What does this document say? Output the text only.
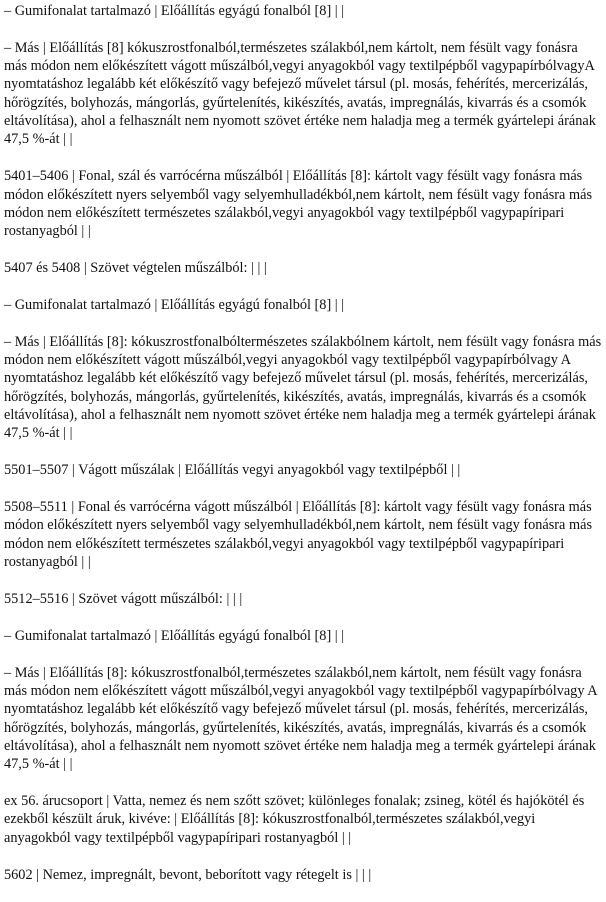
– Gumifonalat tartalmazó | Előállítás egyágú fonalból [8] | |

– Más | Előállítás [8] kókuszrostfonalból,természetes szálakból,nem kártolt, nem fésült vagy fonásra más módon nem előkészített vágott műszálból,vegyi anyagokból vagy textilpépből vagypapírbólvagyA nyomtatáshoz legalább két előkészítő vagy befejező művelet társul (pl. mosás, fehérítés, mercerizálás, hőrögzítés, bolyhozás, mángorlás, gyűrtelenítés, kikészítés, avatás, impregnálás, kivarrás és a csomók eltávolítása), ahol a felhasznált nem nyomott szövet értéke nem haladja meg a termék gyártelepi árának 47,5 %-át | |

5401–5406 | Fonal, szál és varrócérna műszálból | Előállítás [8]: kártolt vagy fésült vagy fonásra más módon előkészített nyers selyemből vagy selyemhulladékból,nem kártolt, nem fésült vagy fonásra más módon nem előkészített természetes szálakból,vegyi anyagokból vagy textilpépből vagypapíripari rostanyagból | |

5407 és 5408 | Szövet végtelen műszálból: | | |

– Gumifonalat tartalmazó | Előállítás egyágú fonalból [8] | |

– Más | Előállítás [8]: kókuszrostfonalbóltermészetes szálakbólnem kártolt, nem fésült vagy fonásra más módon nem előkészített vágott műszálból,vegyi anyagokból vagy textilpépből vagypapírbólvagy A nyomtatáshoz legalább két előkészítő vagy befejező művelet társul (pl. mosás, fehérítés, mercerizálás, hőrögzítés, bolyhozás, mángorlás, gyűrtelenítés, kikészítés, avatás, impregnálás, kivarrás és a csomók eltávolítása), ahol a felhasznált nem nyomott szövet értéke nem haladja meg a termék gyártelepi árának 47,5 %-át | |

5501–5507 | Vágott műszálak | Előállítás vegyi anyagokból vagy textilpépből | |

5508–5511 | Fonal és varrócérna vágott műszálból | Előállítás [8]: kártolt vagy fésült vagy fonásra más módon előkészített nyers selyemből vagy selyemhulladékból,nem kártolt, nem fésült vagy fonásra más módon nem előkészített természetes szálakból,vegyi anyagokból vagy textilpépből vagypapíripari rostanyagból | |

5512–5516 | Szövet vágott műszálból: | | |

– Gumifonalat tartalmazó | Előállítás egyágú fonalból [8] | |

– Más | Előállítás [8]: kókuszrostfonalból,természetes szálakból,nem kártolt, nem fésült vagy fonásra más módon nem előkészített vágott műszálból,vegyi anyagokból vagy textilpépből vagypapírbólvagy A nyomtatáshoz legalább két előkészítő vagy befejező művelet társul (pl. mosás, fehérítés, mercerizálás, hőrögzítés, bolyhozás, mángorlás, gyűrtelenítés, kikészítés, avatás, impregnálás, kivarrás és a csomók eltávolítása), ahol a felhasznált nem nyomott szövet értéke nem haladja meg a termék gyártelepi árának 47,5 %-át | |

ex 56. árucsoport | Vatta, nemez és nem szőtt szövet; különleges fonalak; zsineg, kötél és hajókötél és ezekből készült áruk, kivéve: | Előállítás [8]: kókuszrostfonalból,természetes szálakból,vegyi anyagokból vagy textilpépből vagypapíripari rostanyagból | |

5602 | Nemez, impregnált, bevont, beborított vagy rétegelt is | | |
